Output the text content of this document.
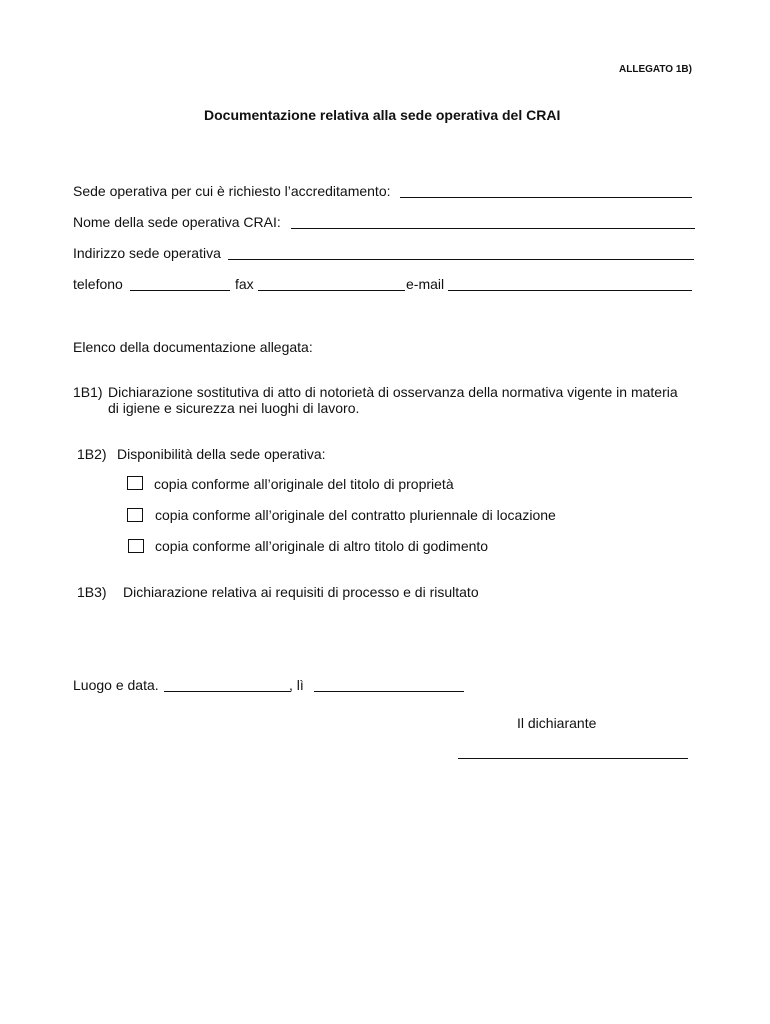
ALLEGATO 1B)
Documentazione relativa alla sede operativa del CRAI
Sede operativa per cui è richiesto l’accreditamento:
Nome della sede operativa CRAI:
Indirizzo sede operativa
telefono	fax	e-mail
Elenco della documentazione allegata:
1B1) Dichiarazione sostitutiva di atto di notorietà di osservanza della normativa vigente in materia
di igiene e sicurezza nei luoghi di lavoro.
1B2) Disponibilità della sede operativa:
copia conforme all’originale del titolo di proprietà
copia conforme all’originale del contratto pluriennale di locazione
copia conforme all’originale di altro titolo di godimento
1B3) Dichiarazione relativa ai requisiti di processo e di risultato
Luogo e data.	, lì
Il dichiarante
